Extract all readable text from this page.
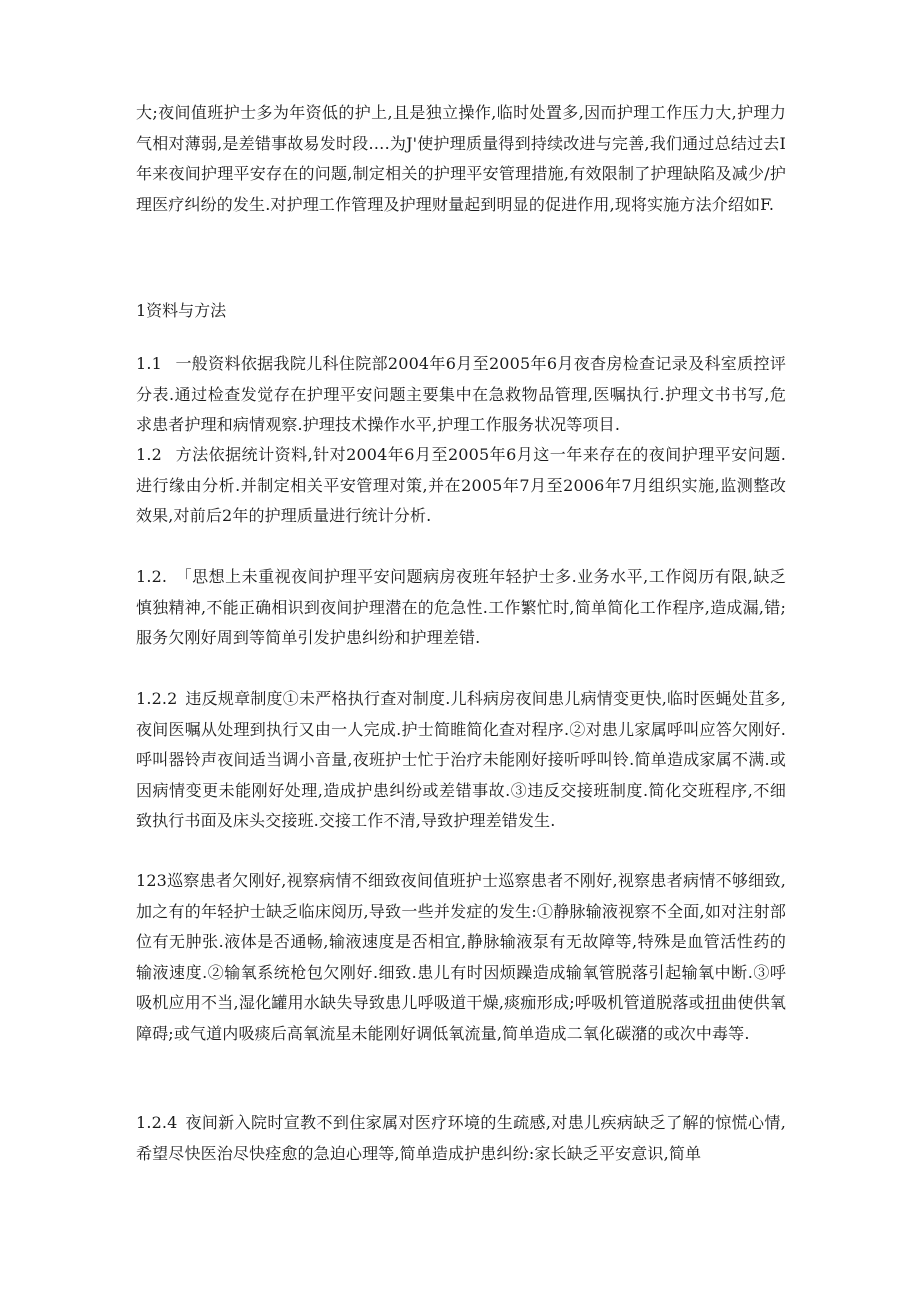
大;夜间值班护士多为年资低的护上,且是独立操作,临时处置多,因而护理工作压力大,护理力气相对薄弱,是差错事故易发时段….为J'使护理质量得到持续改进与完善,我们通过总结过去I年来夜间护理平安存在的问题,制定相关的护理平安管理措施,有效限制了护理缺陷及减少/护理医疗纠纷的发生.对护理工作管理及护理财量起到明显的促进作用,现将实施方法介绍如F.

1资料与方法

1.1 一般资料依据我院儿科住院部2004年6月至2005年6月夜杳房检查记录及科室质控评分表.通过检查发觉存在护理平安问题主要集中在急救物品管理,医嘱执行.护理文书书写,危求患者护理和病情观察.护理技术操作水平,护理工作服务状况等项目.

1.2 方法依据统计资料,针对2004年6月至2005年6月这一年来存在的夜间护理平安问题.进行缘由分析.并制定相关平安管理对策,并在2005年7月至2006年7月组织实施,监测整改效果,对前后2年的护理质量进行统计分析.

1.2. 「思想上未重视夜间护理平安问题病房夜班年轻护士多.业务水平,工作阅历有限,缺乏慎独精神,不能正确相识到夜间护理潜在的危急性.工作繁忙时,简单简化工作程序,造成漏,错;服务欠刚好周到等简单引发护患纠纷和护理差错.

1.2.2 违反规章制度①未严格执行查对制度.儿科病房夜间患儿病情变更快,临时医蝇处苴多,夜间医嘱从处理到执行又由一人完成.护士简睢简化查对程序.②对患儿家属呼叫应答欠刚好.呼叫器铃声夜间适当调小音量,夜班护士忙于治疗未能刚好接听呼叫铃.简单造成家属不满.或因病情变更未能刚好处理,造成护患纠纷或差错事故.③违反交接班制度.简化交班程序,不细致执行书面及床头交接班.交接工作不清,导致护理差错发生.

123巡察患者欠刚好,视察病情不细致夜间值班护士巡察患者不刚好,视察患者病情不够细致,加之有的年轻护士缺乏临床阅历,导致一些并发症的发生:①静脉输液视察不全面,如对注射部位有无肿张.液体是否通畅,输液速度是否相宜,静脉输液泵有无故障等,特殊是血管活性药的输液速度.②输氧系统枪包欠刚好.细致.患儿有时因烦躁造成输氧管脱落引起输氧中断.③呼吸机应用不当,湿化罐用水缺失导致患儿呼吸道干燥,痰痂形成;呼吸机管道脱落或扭曲使供氧障碍;或气道内吸痰后高氧流星未能刚好调低氧流量,简单造成二氧化碳潴的或次中毒等.

1.2.4 夜间新入院时宣教不到住家属对医疗环境的生疏感,对患儿疾病缺乏了解的惊慌心情,希望尽快医治尽快痊愈的急迫心理等,简单造成护患纠纷:家长缺乏平安意识,简单
